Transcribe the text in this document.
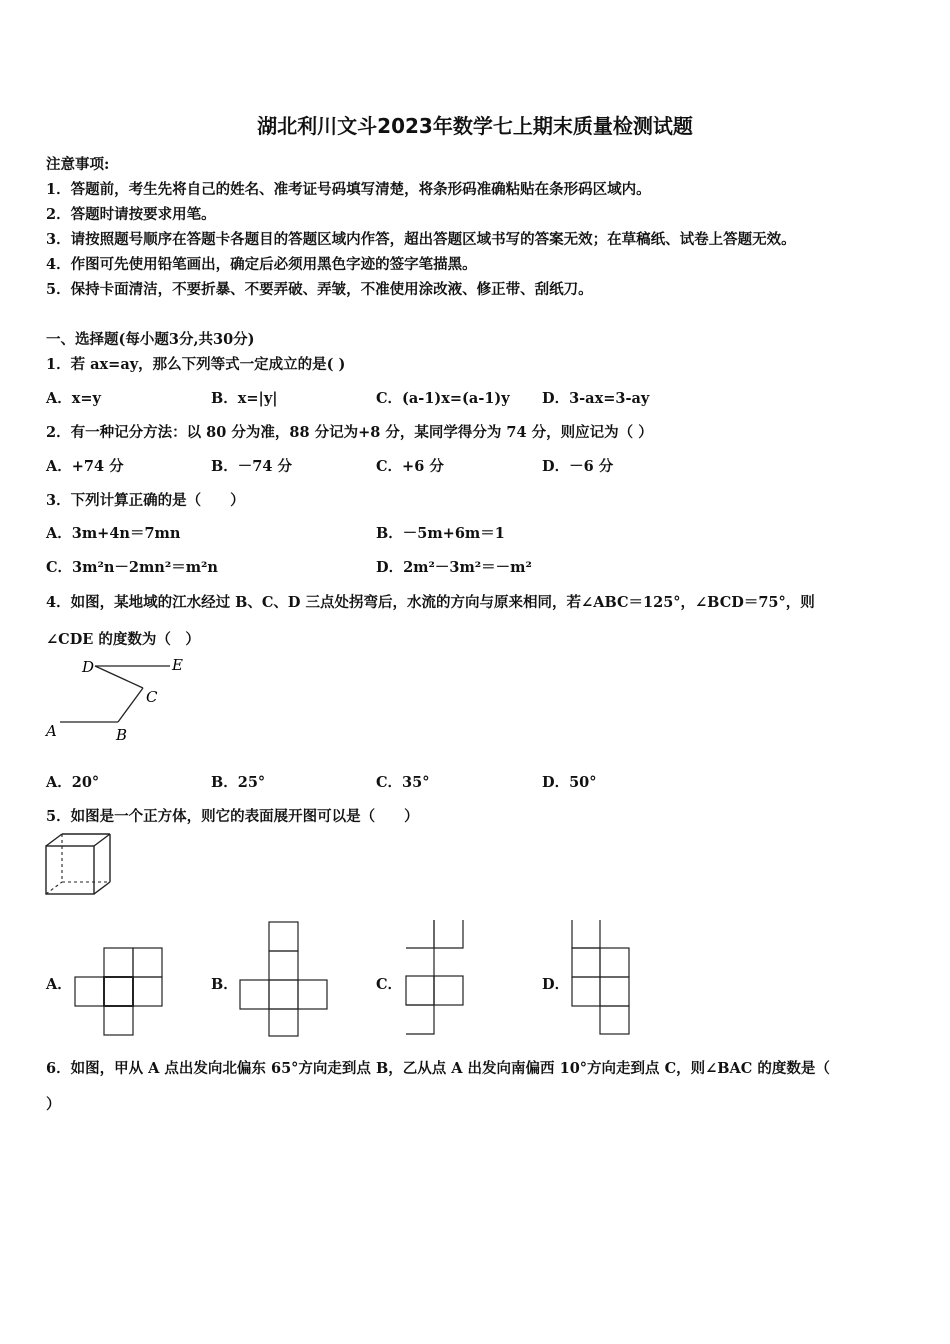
湖北利川文斗2023年数学七上期末质量检测试题
注意事项:
1．答题前，考生先将自己的姓名、准考证号码填写清楚，将条形码准确粘贴在条形码区域内。
2．答题时请按要求用笔。
3．请按照题号顺序在答题卡各题目的答题区域内作答，超出答题区域书写的答案无效；在草稿纸、试卷上答题无效。
4．作图可先使用铅笔画出，确定后必须用黑色字迹的签字笔描黑。
5．保持卡面清洁，不要折暴、不要弄破、弄皱，不准使用涂改液、修正带、刮纸刀。
一、选择题(每小题3分,共30分)
1．若 ax=ay，那么下列等式一定成立的是( )
A．x=y	B．x=|y|	C．(a-1)x=(a-1)y D．3-ax=3-ay
2．有一种记分方法：以 80 分为准，88 分记为+8 分，某同学得分为 74 分，则应记为（ ）
A．+74 分	B．－74 分	C．+6 分	D．－6 分
3．下列计算正确的是（　　）
A．3m+4n＝7mn	B．－5m+6m＝1
C．3m²n－2mn²＝m²n	D．2m²－3m²＝－m²
4．如图，某地域的江水经过 B、C、D 三点处拐弯后，水流的方向与原来相同，若∠ABC＝125°，∠BCD＝75°，则
∠CDE 的度数为（　）
D	E
C
A	B
A．20°	B．25°	C．35°	D．50°
5．如图是一个正方体，则它的表面展开图可以是（　　）
A．	B．	C．	D．
6．如图，甲从 A 点出发向北偏东 65°方向走到点 B，乙从点 A 出发向南偏西 10°方向走到点 C，则∠BAC 的度数是（
）
